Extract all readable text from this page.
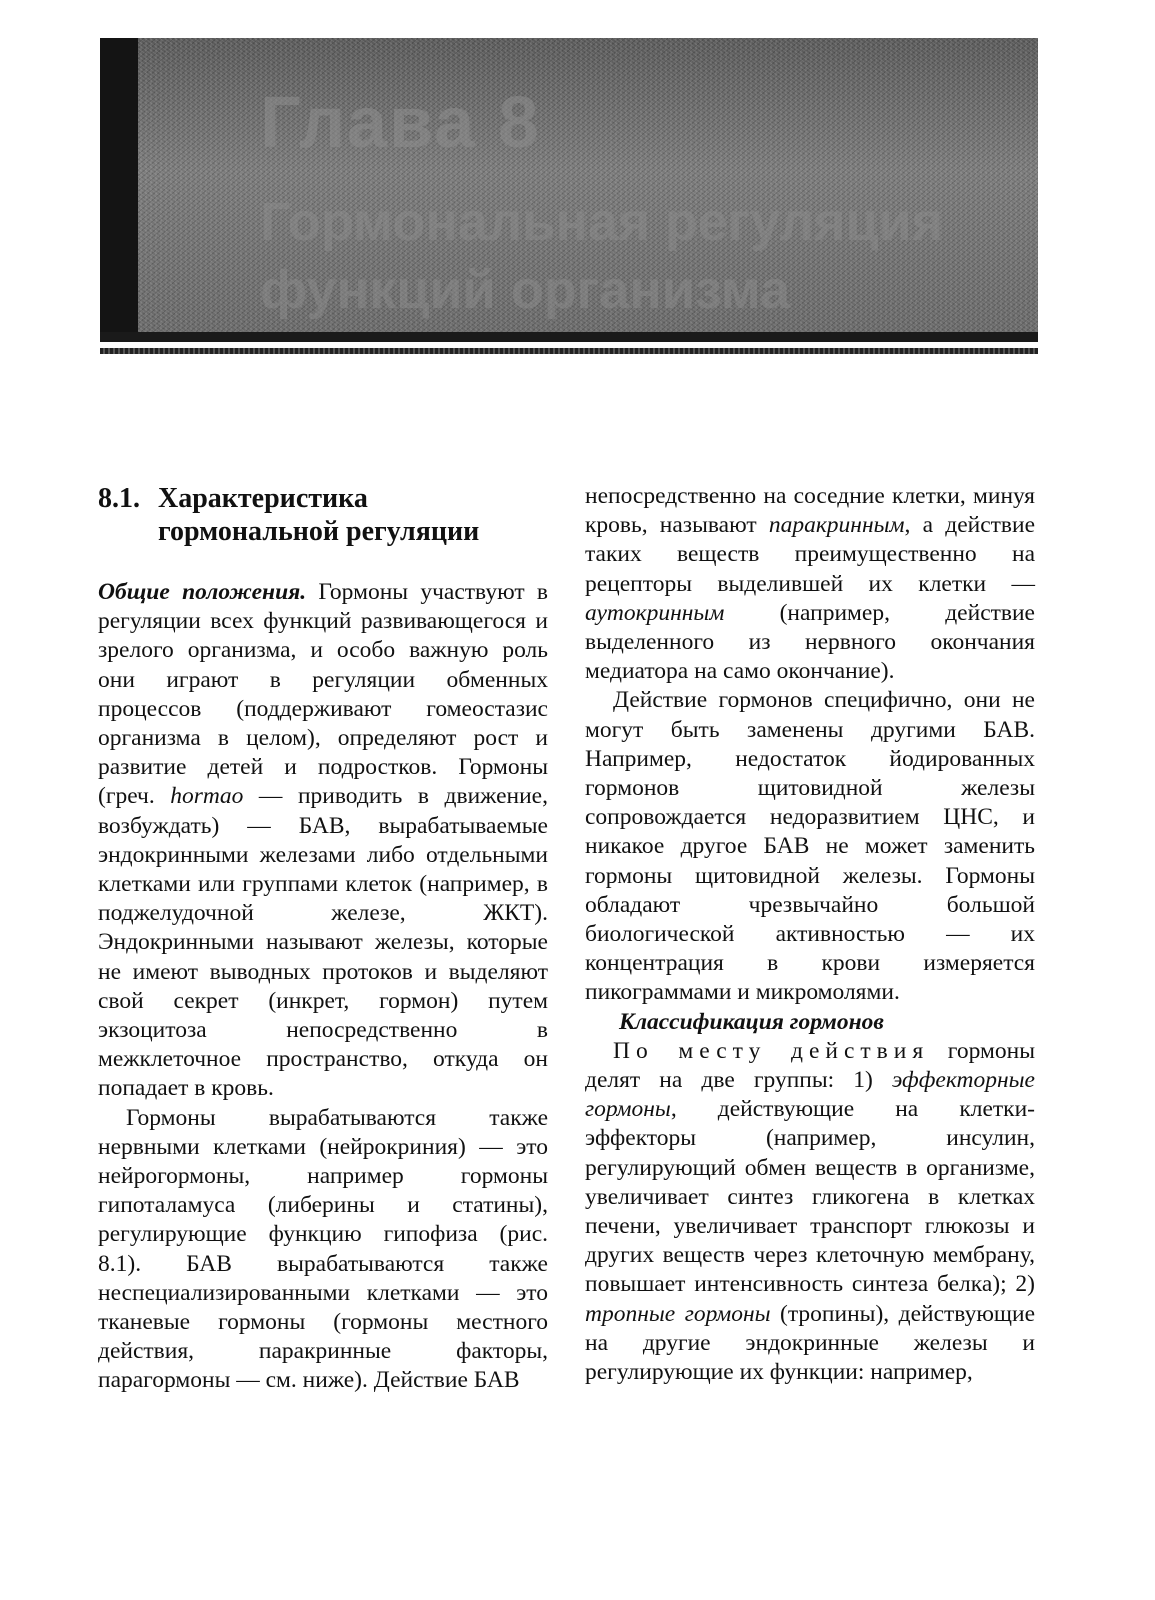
Глава 8
Гормональная регуляция функций организма
8.1. Характеристика гормональной регуляции

Общие положения. Гормоны участвуют в регуляции всех функций развивающегося и зрелого организма, и особо важную роль они играют в регуляции обменных процессов (поддерживают гомеостазис организма в целом), определяют рост и развитие детей и подростков. Гормоны (греч. hormao — приводить в движение, возбуждать) — БАВ, вырабатываемые эндокринными железами либо отдельными клетками или группами клеток (например, в поджелудочной железе, ЖКТ). Эндокринными называют железы, которые не имеют выводных протоков и выделяют свой секрет (инкрет, гормон) путем экзоцитоза непосредственно в межклеточное пространство, откуда он попадает в кровь.

Гормоны вырабатываются также нервными клетками (нейрокриния) — это нейрогормоны, например гормоны гипоталамуса (либерины и статины), регулирующие функцию гипофиза (рис. 8.1). БАВ вырабатываются также неспециализированными клетками — это тканевые гормоны (гормоны местного действия, паракринные факторы, парагормоны — см. ниже). Действие БАВ

непосредственно на соседние клетки, минуя кровь, называют паракринным, а действие таких веществ преимущественно на рецепторы выделившей их клетки — аутокринным (например, действие выделенного из нервного окончания медиатора на само окончание).

Действие гормонов специфично, они не могут быть заменены другими БАВ. Например, недостаток йодированных гормонов щитовидной железы сопровождается недоразвитием ЦНС, и никакое другое БАВ не может заменить гормоны щитовидной железы. Гормоны обладают чрезвычайно большой биологической активностью — их концентрация в крови измеряется пикограммами и микромолями.

Классификация гормонов

По месту действия гормоны делят на две группы: 1) эффекторные гормоны, действующие на клетки-эффекторы (например, инсулин, регулирующий обмен веществ в организме, увеличивает синтез гликогена в клетках печени, увеличивает транспорт глюкозы и других веществ через клеточную мембрану, повышает интенсивность синтеза белка); 2) тропные гормоны (тропины), действующие на другие эндокринные железы и регулирующие их функции: например,
